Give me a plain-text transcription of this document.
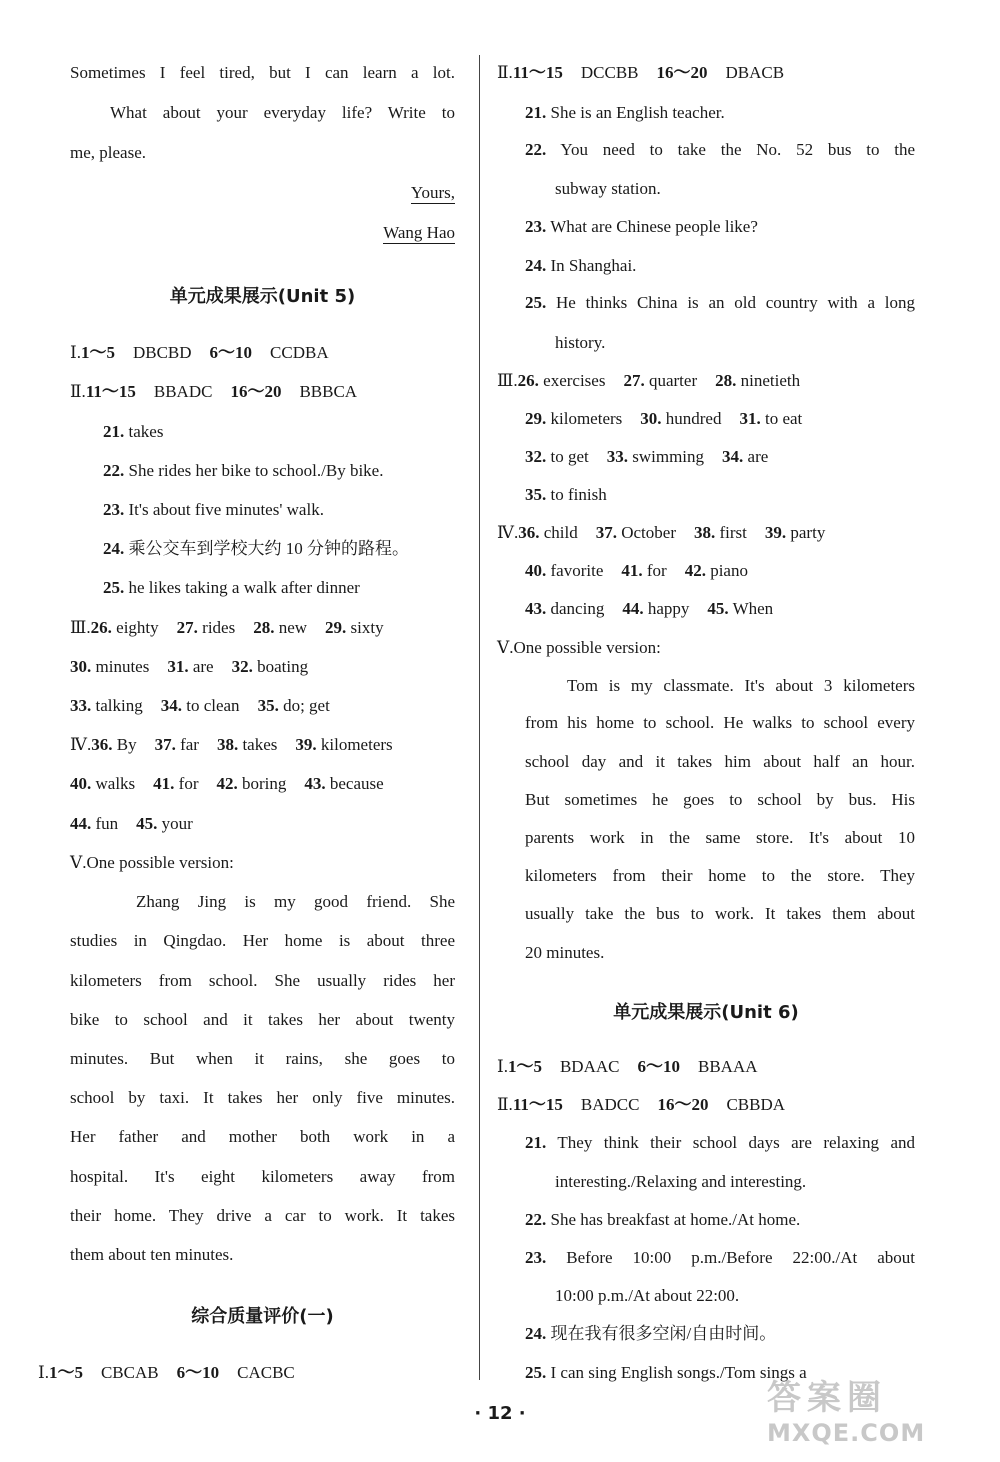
Sometimes I feel tired, but I can learn a lot.
What about your everyday life? Write to
me, please.
Yours,
Wang Hao
单元成果展示(Unit 5)
Ⅰ.1～5 DBCBD 6～10 CCDBA
Ⅱ.11～15 BBADC 16～20 BBBCA
21. takes
22. She rides her bike to school./By bike.
23. It's about five minutes' walk.
24. 乘公交车到学校大约 10 分钟的路程。
25. he likes taking a walk after dinner
Ⅲ.26. eighty 27. rides 28. new 29. sixty
30. minutes 31. are 32. boating
33. talking 34. to clean 35. do; get
Ⅳ.36. By 37. far 38. takes 39. kilometers
40. walks 41. for 42. boring 43. because
44. fun 45. your
Ⅴ.One possible version:
Zhang Jing is my good friend. She
studies in Qingdao. Her home is about three
kilometers from school. She usually rides her
bike to school and it takes her about twenty
minutes. But when it rains, she goes to
school by taxi. It takes her only five minutes.
Her father and mother both work in a
hospital. It's eight kilometers away from
their home. They drive a car to work. It takes
them about ten minutes.
综合质量评价(一)
Ⅰ.1～5 CBCAB 6～10 CACBC
Ⅱ.11～15 DCCBB 16～20 DBACB
21. She is an English teacher.
22. You need to take the No. 52 bus to the
subway station.
23. What are Chinese people like?
24. In Shanghai.
25. He thinks China is an old country with a long
history.
Ⅲ.26. exercises 27. quarter 28. ninetieth
29. kilometers 30. hundred 31. to eat
32. to get 33. swimming 34. are
35. to finish
Ⅳ.36. child 37. October 38. first 39. party
40. favorite 41. for 42. piano
43. dancing 44. happy 45. When
Ⅴ.One possible version:
Tom is my classmate. It's about 3 kilometers
from his home to school. He walks to school every
school day and it takes him about half an hour.
But sometimes he goes to school by bus. His
parents work in the same store. It's about 10
kilometers from their home to the store. They
usually take the bus to work. It takes them about
20 minutes.
单元成果展示(Unit 6)
Ⅰ.1～5 BDAAC 6～10 BBAAA
Ⅱ.11～15 BADCC 16～20 CBBDA
21. They think their school days are relaxing and
interesting./Relaxing and interesting.
22. She has breakfast at home./At home.
23. Before 10:00 p.m./Before 22:00./At about
10:00 p.m./At about 22:00.
24. 现在我有很多空闲/自由时间。
25. I can sing English songs./Tom sings a
· 12 ·	答案圈
MXQE.COM
